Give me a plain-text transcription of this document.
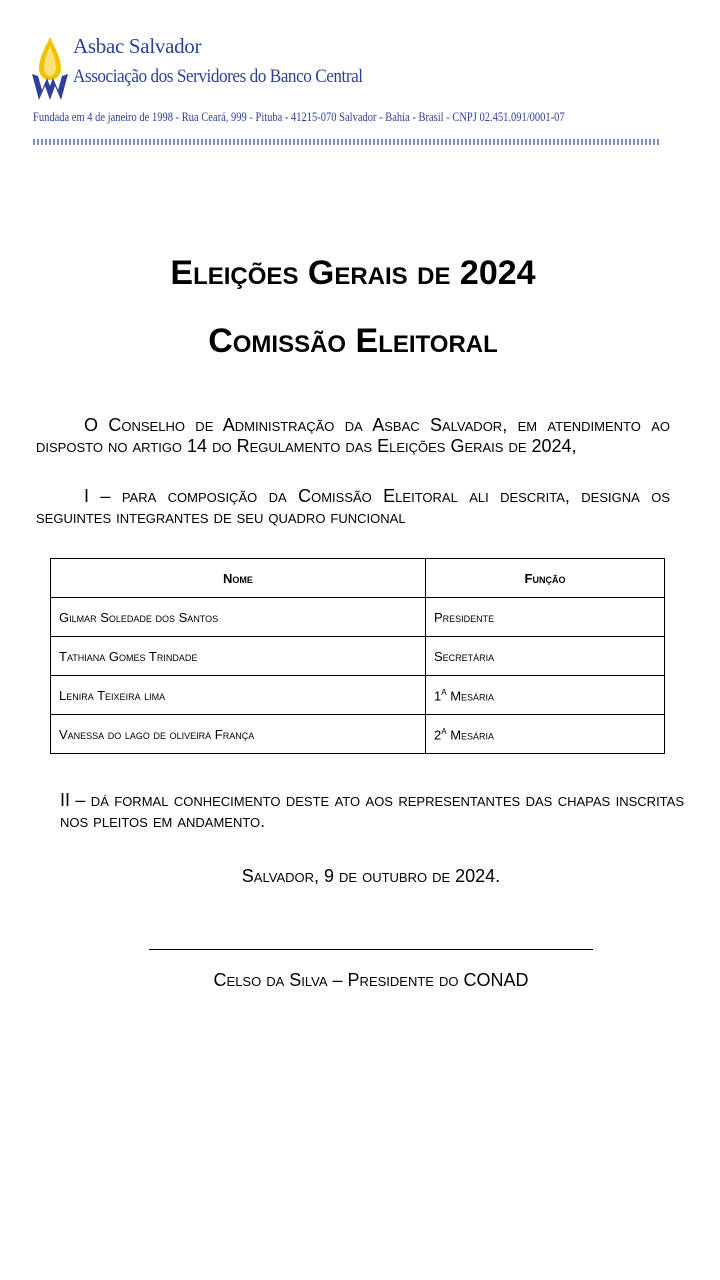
Asbac Salvador
Associação dos Servidores do Banco Central
Fundada em 4 de janeiro de 1998 - Rua Ceará, 999 - Pituba - 41215-070 Salvador - Bahia - Brasil - CNPJ 02.451.091/0001-07
Eleições Gerais de 2024
Comissão Eleitoral
O Conselho de Administração da Asbac Salvador, em atendimento ao disposto no artigo 14 do Regulamento das Eleições Gerais de 2024,
I – para composição da Comissão Eleitoral ali descrita, designa os seguintes integrantes de seu quadro funcional
Nome	Função
Gilmar Soledade dos Santos	Presidente
Tathiana Gomes Trindade	Secretária
Lenira Teixeira lima	1$^a$ Mesária
Vanessa do lago de oliveira França	2$^a$ Mesária
II – dá formal conhecimento deste ato aos representantes das chapas inscritas nos pleitos em andamento.
Salvador, 9 de outubro de 2024.
Celso da Silva – Presidente do CONAD
